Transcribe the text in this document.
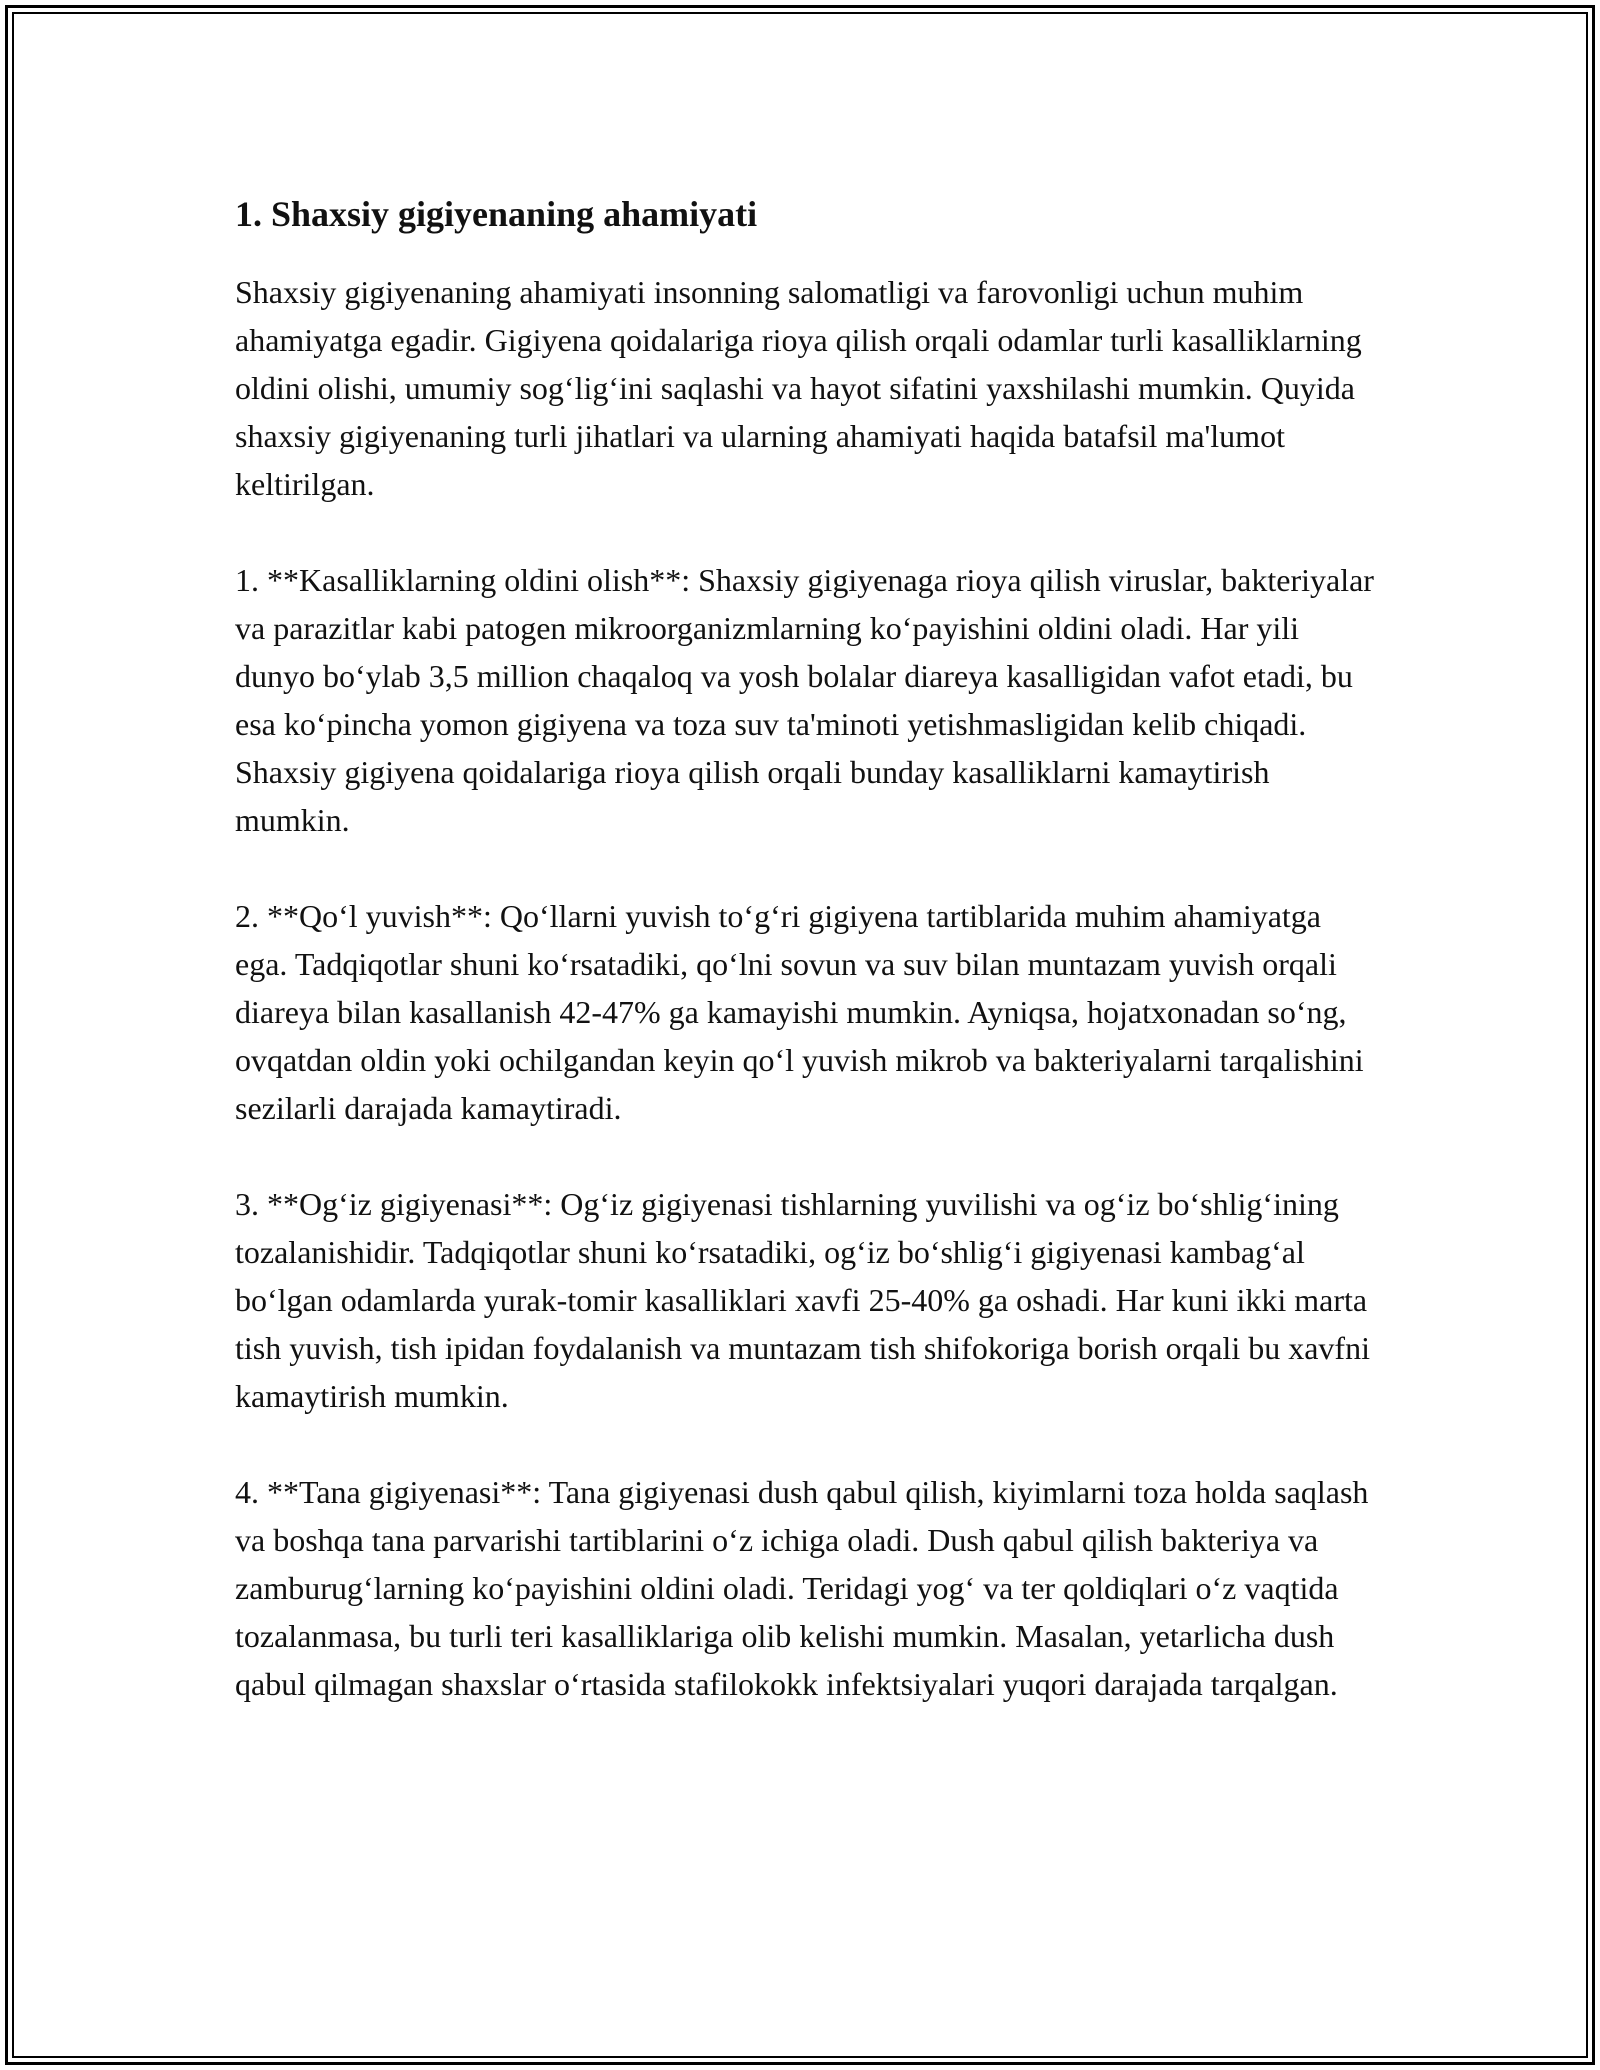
1. Shaxsiy gigiyenaning ahamiyati

Shaxsiy gigiyenaning ahamiyati insonning salomatligi va farovonligi uchun muhim ahamiyatga egadir. Gigiyena qoidalariga rioya qilish orqali odamlar turli kasalliklarning oldini olishi, umumiy sog‘lig‘ini saqlashi va hayot sifatini yaxshilashi mumkin. Quyida shaxsiy gigiyenaning turli jihatlari va ularning ahamiyati haqida batafsil ma'lumot keltirilgan.

1. **Kasalliklarning oldini olish**: Shaxsiy gigiyenaga rioya qilish viruslar, bakteriyalar va parazitlar kabi patogen mikroorganizmlarning ko‘payishini oldini oladi. Har yili dunyo bo‘ylab 3,5 million chaqaloq va yosh bolalar diareya kasalligidan vafot etadi, bu esa ko‘pincha yomon gigiyena va toza suv ta'minoti yetishmasligidan kelib chiqadi. Shaxsiy gigiyena qoidalariga rioya qilish orqali bunday kasalliklarni kamaytirish mumkin.

2. **Qo‘l yuvish**: Qo‘llarni yuvish to‘g‘ri gigiyena tartiblarida muhim ahamiyatga ega. Tadqiqotlar shuni ko‘rsatadiki, qo‘lni sovun va suv bilan muntazam yuvish orqali diareya bilan kasallanish 42-47% ga kamayishi mumkin. Ayniqsa, hojatxonadan so‘ng, ovqatdan oldin yoki ochilgandan keyin qo‘l yuvish mikrob va bakteriyalarni tarqalishini sezilarli darajada kamaytiradi.

3. **Og‘iz gigiyenasi**: Og‘iz gigiyenasi tishlarning yuvilishi va og‘iz bo‘shlig‘ining tozalanishidir. Tadqiqotlar shuni ko‘rsatadiki, og‘iz bo‘shlig‘i gigiyenasi kambag‘al bo‘lgan odamlarda yurak-tomir kasalliklari xavfi 25-40% ga oshadi. Har kuni ikki marta tish yuvish, tish ipidan foydalanish va muntazam tish shifokoriga borish orqali bu xavfni kamaytirish mumkin.

4. **Tana gigiyenasi**: Tana gigiyenasi dush qabul qilish, kiyimlarni toza holda saqlash va boshqa tana parvarishi tartiblarini o‘z ichiga oladi. Dush qabul qilish bakteriya va zamburug‘larning ko‘payishini oldini oladi. Teridagi yog‘ va ter qoldiqlari o‘z vaqtida tozalanmasa, bu turli teri kasalliklariga olib kelishi mumkin. Masalan, yetarlicha dush qabul qilmagan shaxslar o‘rtasida stafilokokk infektsiyalari yuqori darajada tarqalgan.
